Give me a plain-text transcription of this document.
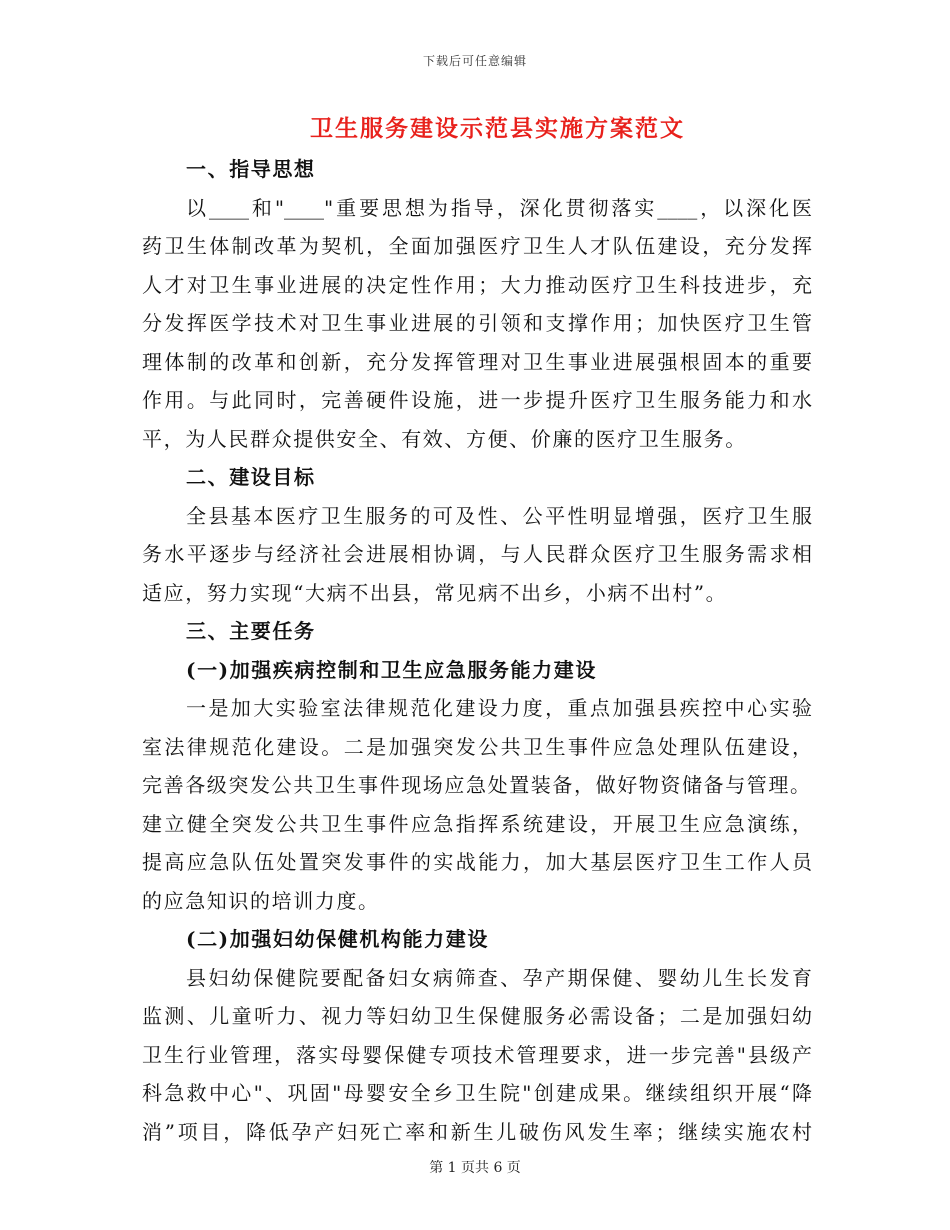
下载后可任意编辑
卫生服务建设示范县实施方案范文
一、指导思想
以____和"____"重要思想为指导，深化贯彻落实____，以深化医
药卫生体制改革为契机，全面加强医疗卫生人才队伍建设，充分发挥
人才对卫生事业进展的决定性作用；大力推动医疗卫生科技进步，充
分发挥医学技术对卫生事业进展的引领和支撑作用；加快医疗卫生管
理体制的改革和创新，充分发挥管理对卫生事业进展强根固本的重要
作用。与此同时，完善硬件设施，进一步提升医疗卫生服务能力和水
平，为人民群众提供安全、有效、方便、价廉的医疗卫生服务。
二、建设目标
全县基本医疗卫生服务的可及性、公平性明显增强，医疗卫生服
务水平逐步与经济社会进展相协调，与人民群众医疗卫生服务需求相
适应，努力实现“大病不出县，常见病不出乡，小病不出村”。
三、主要任务
(一)加强疾病控制和卫生应急服务能力建设
一是加大实验室法律规范化建设力度，重点加强县疾控中心实验
室法律规范化建设。二是加强突发公共卫生事件应急处理队伍建设，
完善各级突发公共卫生事件现场应急处置装备，做好物资储备与管理。
建立健全突发公共卫生事件应急指挥系统建设，开展卫生应急演练，
提高应急队伍处置突发事件的实战能力，加大基层医疗卫生工作人员
的应急知识的培训力度。
(二)加强妇幼保健机构能力建设
县妇幼保健院要配备妇女病筛查、孕产期保健、婴幼儿生长发育
监测、儿童听力、视力等妇幼卫生保健服务必需设备；二是加强妇幼
卫生行业管理，落实母婴保健专项技术管理要求，进一步完善"县级产
科急救中心"、巩固"母婴安全乡卫生院"创建成果。继续组织开展“降
消”项目，降低孕产妇死亡率和新生儿破伤风发生率；继续实施农村
第 1 页共 6 页
